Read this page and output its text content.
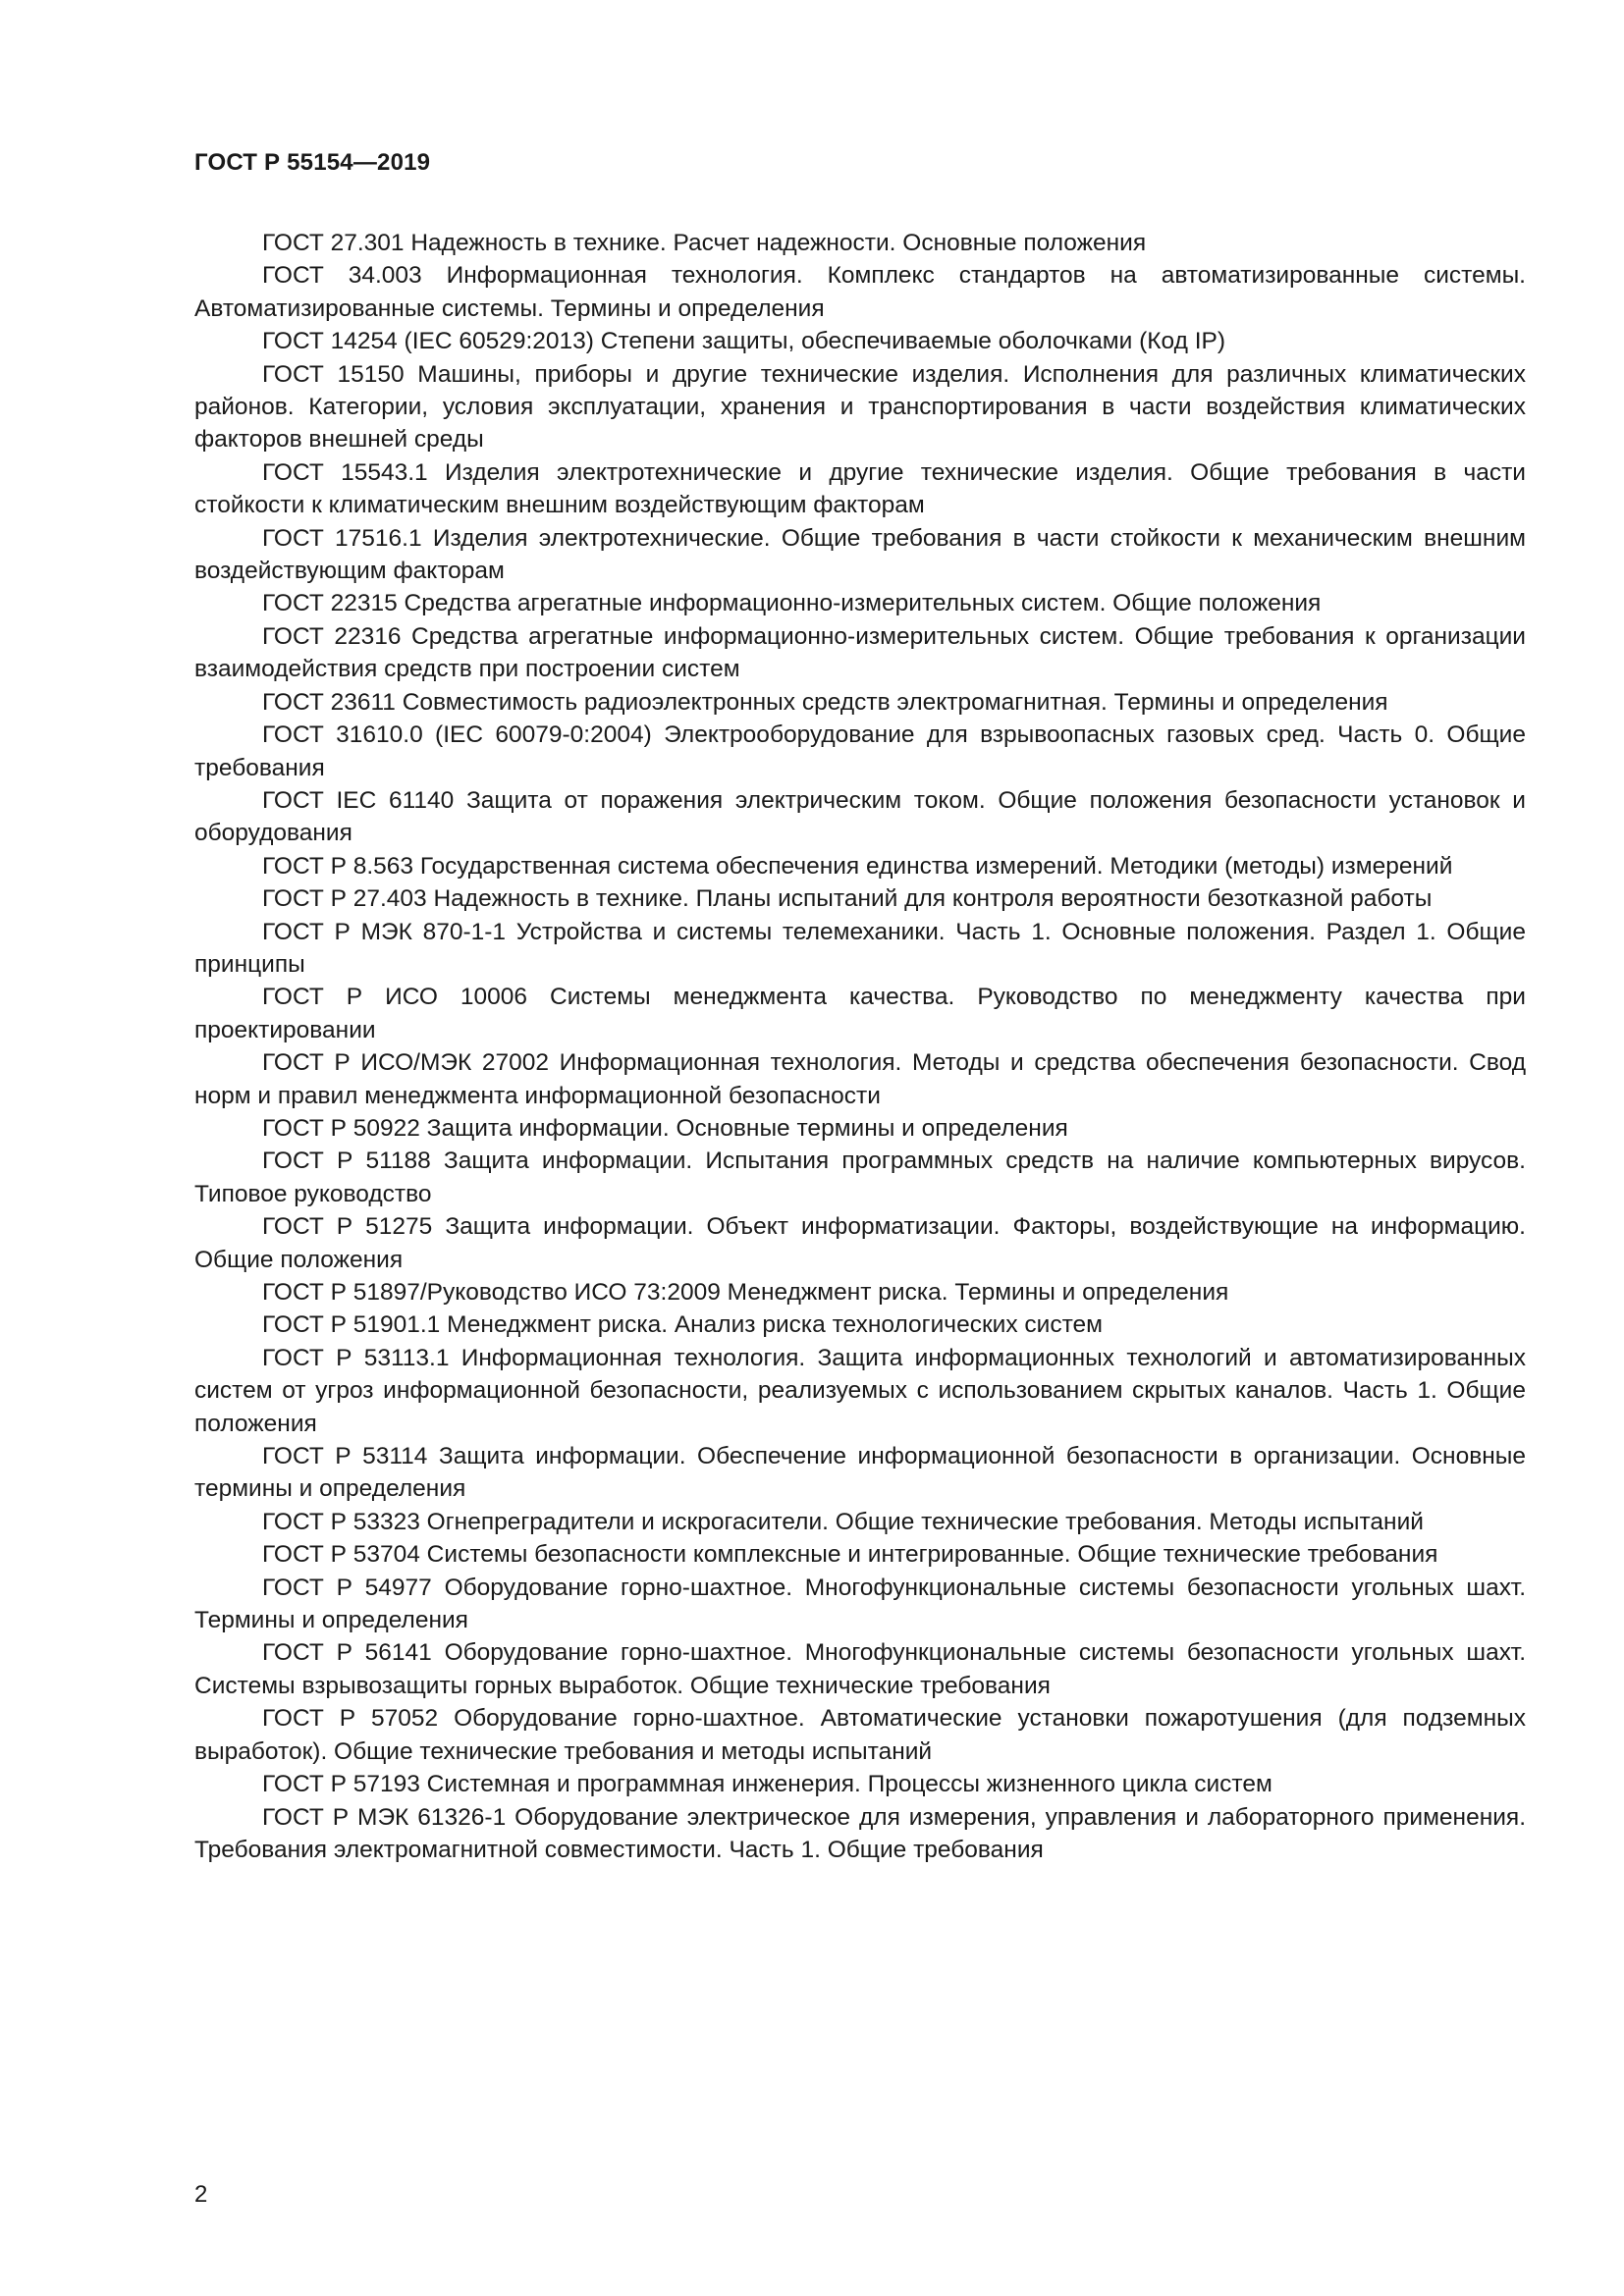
ГОСТ Р 55154—2019
ГОСТ 27.301 Надежность в технике. Расчет надежности. Основные положения
ГОСТ 34.003 Информационная технология. Комплекс стандартов на автоматизированные системы. Автоматизированные системы. Термины и определения
ГОСТ 14254 (IEC 60529:2013) Степени защиты, обеспечиваемые оболочками (Код IP)
ГОСТ 15150 Машины, приборы и другие технические изделия. Исполнения для различных климатических районов. Категории, условия эксплуатации, хранения и транспортирования в части воздействия климатических факторов внешней среды
ГОСТ 15543.1 Изделия электротехнические и другие технические изделия. Общие требования в части стойкости к климатическим внешним воздействующим факторам
ГОСТ 17516.1 Изделия электротехнические. Общие требования в части стойкости к механическим внешним воздействующим факторам
ГОСТ 22315 Средства агрегатные информационно-измерительных систем. Общие положения
ГОСТ 22316 Средства агрегатные информационно-измерительных систем. Общие требования к организации взаимодействия средств при построении систем
ГОСТ 23611 Совместимость радиоэлектронных средств электромагнитная. Термины и определения
ГОСТ 31610.0 (IEC 60079-0:2004) Электрооборудование для взрывоопасных газовых сред. Часть 0. Общие требования
ГОСТ IEC 61140 Защита от поражения электрическим током. Общие положения безопасности установок и оборудования
ГОСТ Р 8.563 Государственная система обеспечения единства измерений. Методики (методы) измерений
ГОСТ Р 27.403 Надежность в технике. Планы испытаний для контроля вероятности безотказной работы
ГОСТ Р МЭК 870-1-1 Устройства и системы телемеханики. Часть 1. Основные положения. Раздел 1. Общие принципы
ГОСТ Р ИСО 10006 Системы менеджмента качества. Руководство по менеджменту качества при проектировании
ГОСТ Р ИСО/МЭК 27002 Информационная технология. Методы и средства обеспечения безопасности. Свод норм и правил менеджмента информационной безопасности
ГОСТ Р 50922 Защита информации. Основные термины и определения
ГОСТ Р 51188 Защита информации. Испытания программных средств на наличие компьютерных вирусов. Типовое руководство
ГОСТ Р 51275 Защита информации. Объект информатизации. Факторы, воздействующие на информацию. Общие положения
ГОСТ Р 51897/Руководство ИСО 73:2009 Менеджмент риска. Термины и определения
ГОСТ Р 51901.1 Менеджмент риска. Анализ риска технологических систем
ГОСТ Р 53113.1 Информационная технология. Защита информационных технологий и автоматизированных систем от угроз информационной безопасности, реализуемых с использованием скрытых каналов. Часть 1. Общие положения
ГОСТ Р 53114 Защита информации. Обеспечение информационной безопасности в организации. Основные термины и определения
ГОСТ Р 53323 Огнепреградители и искрогасители. Общие технические требования. Методы испытаний
ГОСТ Р 53704 Системы безопасности комплексные и интегрированные. Общие технические требования
ГОСТ Р 54977 Оборудование горно-шахтное. Многофункциональные системы безопасности угольных шахт. Термины и определения
ГОСТ Р 56141 Оборудование горно-шахтное. Многофункциональные системы безопасности угольных шахт. Системы взрывозащиты горных выработок. Общие технические требования
ГОСТ Р 57052 Оборудование горно-шахтное. Автоматические установки пожаротушения (для подземных выработок). Общие технические требования и методы испытаний
ГОСТ Р 57193 Системная и программная инженерия. Процессы жизненного цикла систем
ГОСТ Р МЭК 61326-1 Оборудование электрическое для измерения, управления и лабораторного применения. Требования электромагнитной совместимости. Часть 1. Общие требования
2
